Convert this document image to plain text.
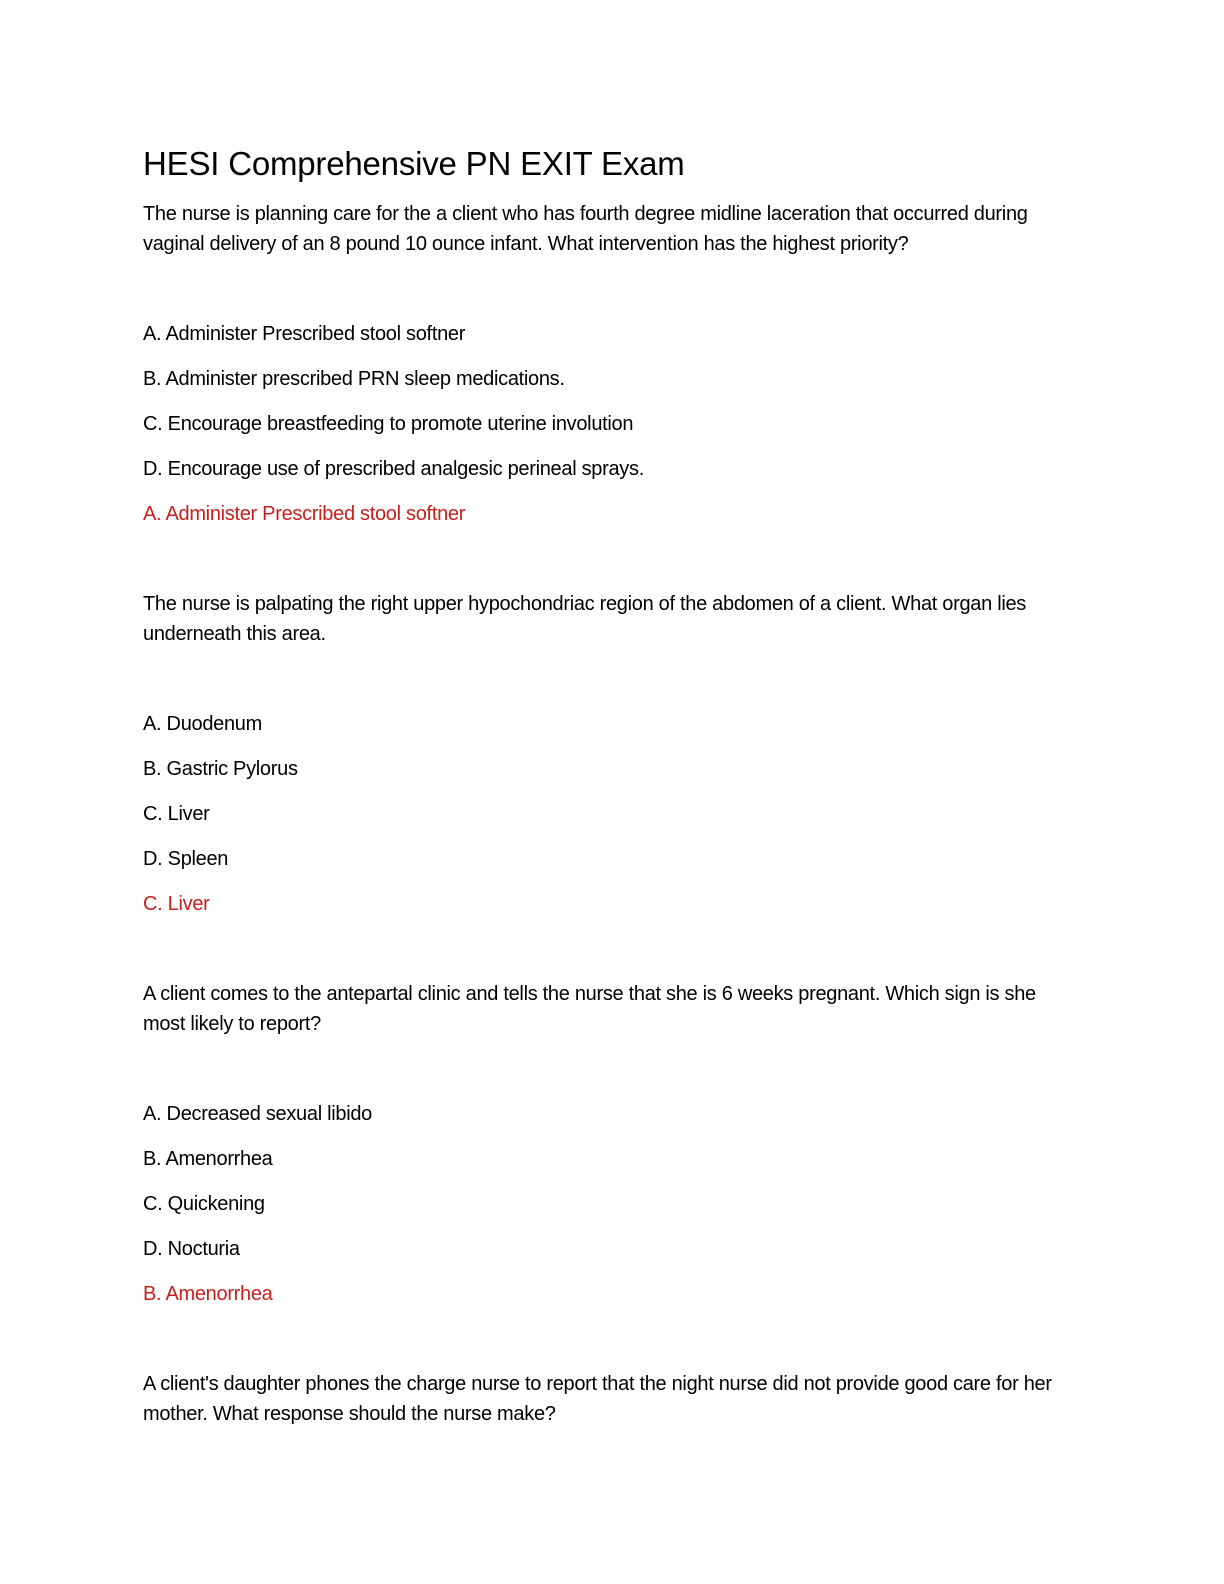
HESI Comprehensive PN EXIT Exam

The nurse is planning care for the a client who has fourth degree midline laceration that occurred during vaginal delivery of an 8 pound 10 ounce infant. What intervention has the highest priority?

A. Administer Prescribed stool softner

B. Administer prescribed PRN sleep medications.

C. Encourage breastfeeding to promote uterine involution

D. Encourage use of prescribed analgesic perineal sprays.

A. Administer Prescribed stool softner

The nurse is palpating the right upper hypochondriac region of the abdomen of a client. What organ lies underneath this area.

A. Duodenum

B. Gastric Pylorus

C. Liver

D. Spleen

C. Liver

A client comes to the antepartal clinic and tells the nurse that she is 6 weeks pregnant. Which sign is she most likely to report?

A. Decreased sexual libido

B. Amenorrhea

C. Quickening

D. Nocturia

B. Amenorrhea

A client's daughter phones the charge nurse to report that the night nurse did not provide good care for her mother. What response should the nurse make?
